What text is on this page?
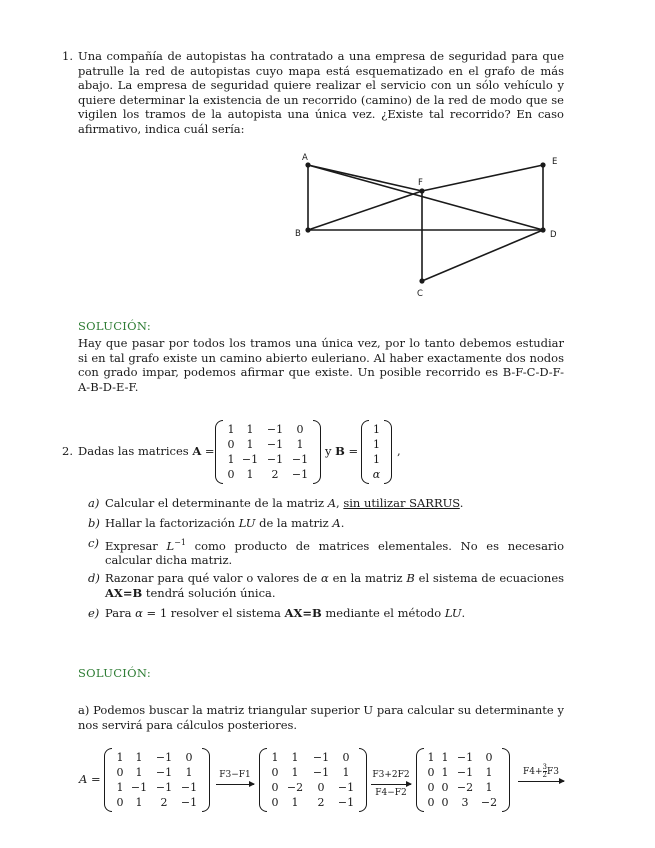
1. Una compañía de autopistas ha contratado a una empresa de seguridad para que patrulle la red de autopistas cuyo mapa está esquematizado en el grafo de más abajo. La empresa de seguridad quiere realizar el servicio con un sólo vehículo y quiere determinar la existencia de un recorrido (camino) de la red de modo que se vigilen los tramos de la autopista una única vez. ¿Existe tal recorrido? En caso afirmativo, indica cuál sería:
A	E
F
B	D
C
SOLUCIÓN:
Hay que pasar por todos los tramos una única vez, por lo tanto debemos estudiar si en tal grafo existe un camino abierto euleriano. Al haber exactamente dos nodos con grado impar, podemos afirmar que existe. Un posible recorrido es B-F-C-D-F-A-B-D-E-F.
2. Dadas las matrices A =
1	1	−1	0
0	1	−1	1
1 −1 −1 −1
0	1	2	−1
y B =
1
1
1
α
,
a) Calcular el determinante de la matriz A, sin utilizar SARRUS.
b) Hallar la factorización LU de la matriz A.
c) Expresar $L^{-1}$ como producto de matrices elementales. No es necesario calcular dicha matriz.
d) Razonar para qué valor o valores de α en la matriz B el sistema de ecuaciones AX=B tendrá solución única.
e) Para α = 1 resolver el sistema AX=B mediante el método LU.
SOLUCIÓN:
a) Podemos buscar la matriz triangular superior U para calcular su determinante y nos servirá para cálculos posteriores.
A =
1	1	−1	0
0	1	−1	1
1 −1 −1 −1
0	1	2	−1
F3−F1
1	1	−1	0
0	1	−1	1
0 −2	0	−1
0	1	2	−1
F3+2F2
F4−F2
1 1 −1	0
0 1 −1	1
0 0 −2	1
0 0	3	−2
$F4+ \frac{3}{2} F3$
